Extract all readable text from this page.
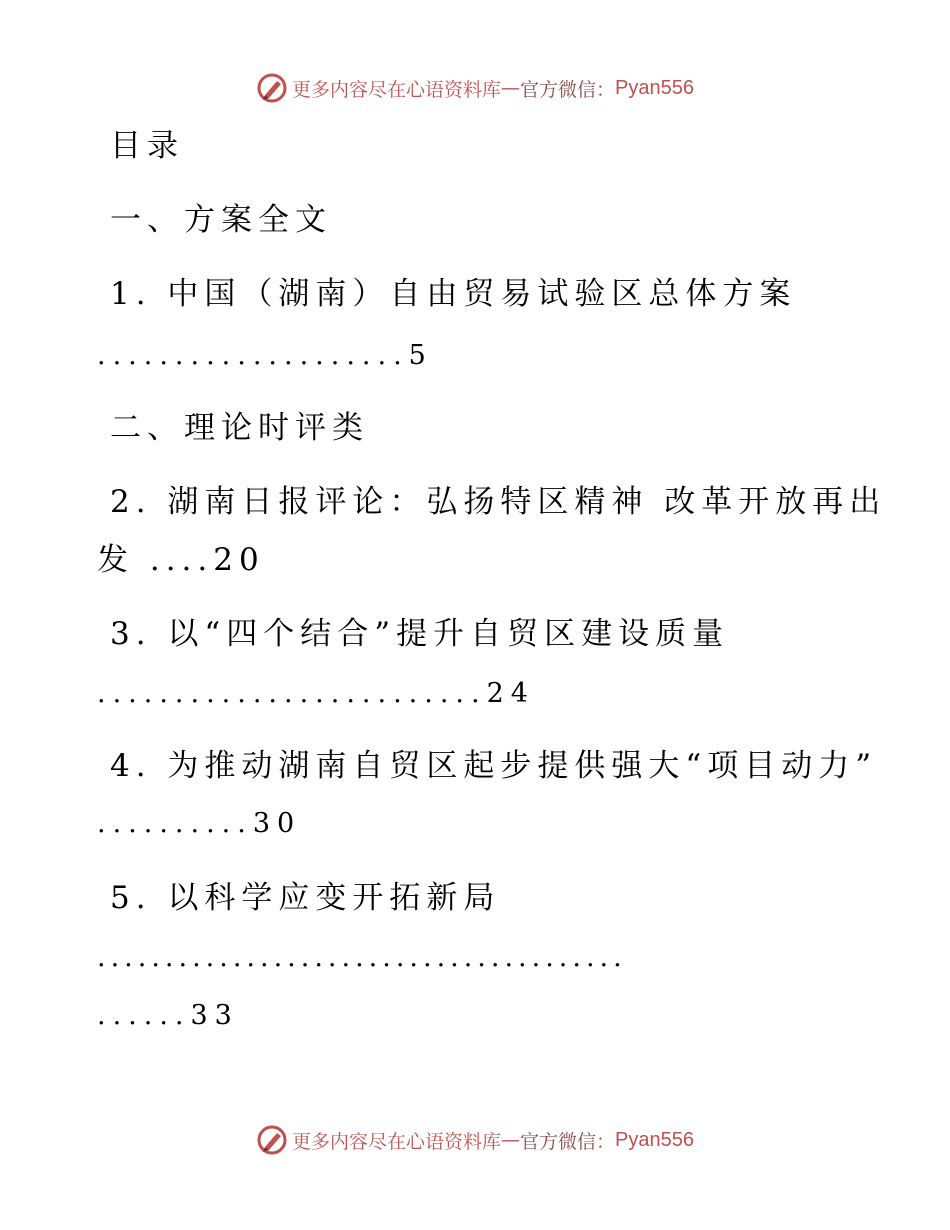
更多内容尽在心语资料库 — 官方微信： Pyan556
目录
一、方案全文
1. 中国（湖南）自由贸易试验区总体方案
....................5
二、理论时评类
2. 湖南日报评论：弘扬特区精神 改革开放再出
发 ....20
3. 以“四个结合”提升自贸区建设质量
.........................24
4. 为推动湖南自贸区起步提供强大“项目动力”
..........30
5. 以科学应变开拓新局
.......................................
......33
更多内容尽在心语资料库 — 官方微信： Pyan556
